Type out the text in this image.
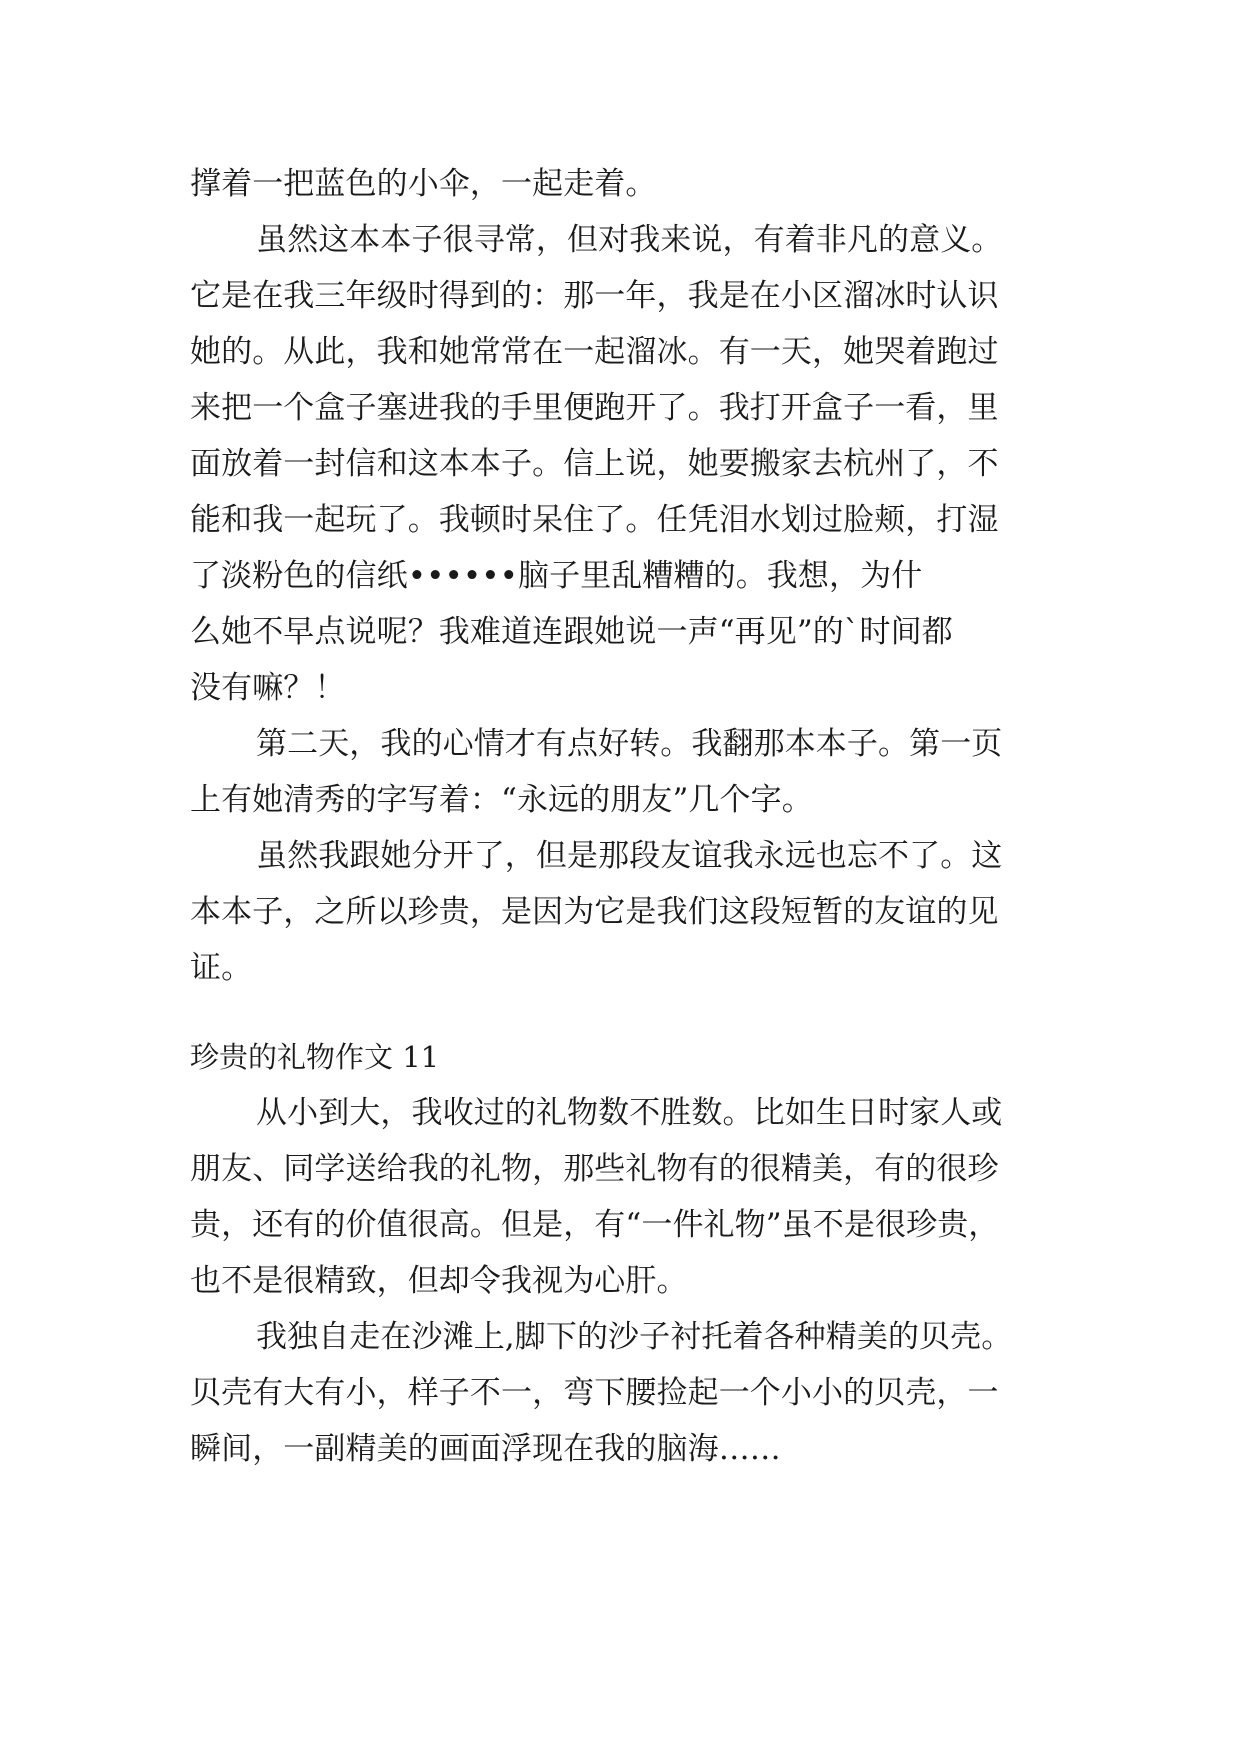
撑着一把蓝色的小伞，一起走着。
虽然这本本子很寻常，但对我来说，有着非凡的意义。
它是在我三年级时得到的：那一年，我是在小区溜冰时认识
她的。从此，我和她常常在一起溜冰。有一天，她哭着跑过
来把一个盒子塞进我的手里便跑开了。我打开盒子一看，里
面放着一封信和这本本子。信上说，她要搬家去杭州了，不
能和我一起玩了。我顿时呆住了。任凭泪水划过脸颊，打湿
了淡粉色的信纸••••••脑子里乱糟糟的。我想，为什
么她不早点说呢？我难道连跟她说一声“再见”的`时间都
没有嘛？！
第二天，我的心情才有点好转。我翻那本本子。第一页
上有她清秀的字写着：“永远的朋友”几个字。
虽然我跟她分开了，但是那段友谊我永远也忘不了。这
本本子，之所以珍贵，是因为它是我们这段短暂的友谊的见
证。
珍贵的礼物作文 11
从小到大，我收过的礼物数不胜数。比如生日时家人或
朋友、同学送给我的礼物，那些礼物有的很精美，有的很珍
贵，还有的价值很高。但是，有“一件礼物”虽不是很珍贵，
也不是很精致，但却令我视为心肝。
我独自走在沙滩上,脚下的沙子衬托着各种精美的贝壳。
贝壳有大有小，样子不一，弯下腰捡起一个小小的贝壳，一
瞬间，一副精美的画面浮现在我的脑海……
